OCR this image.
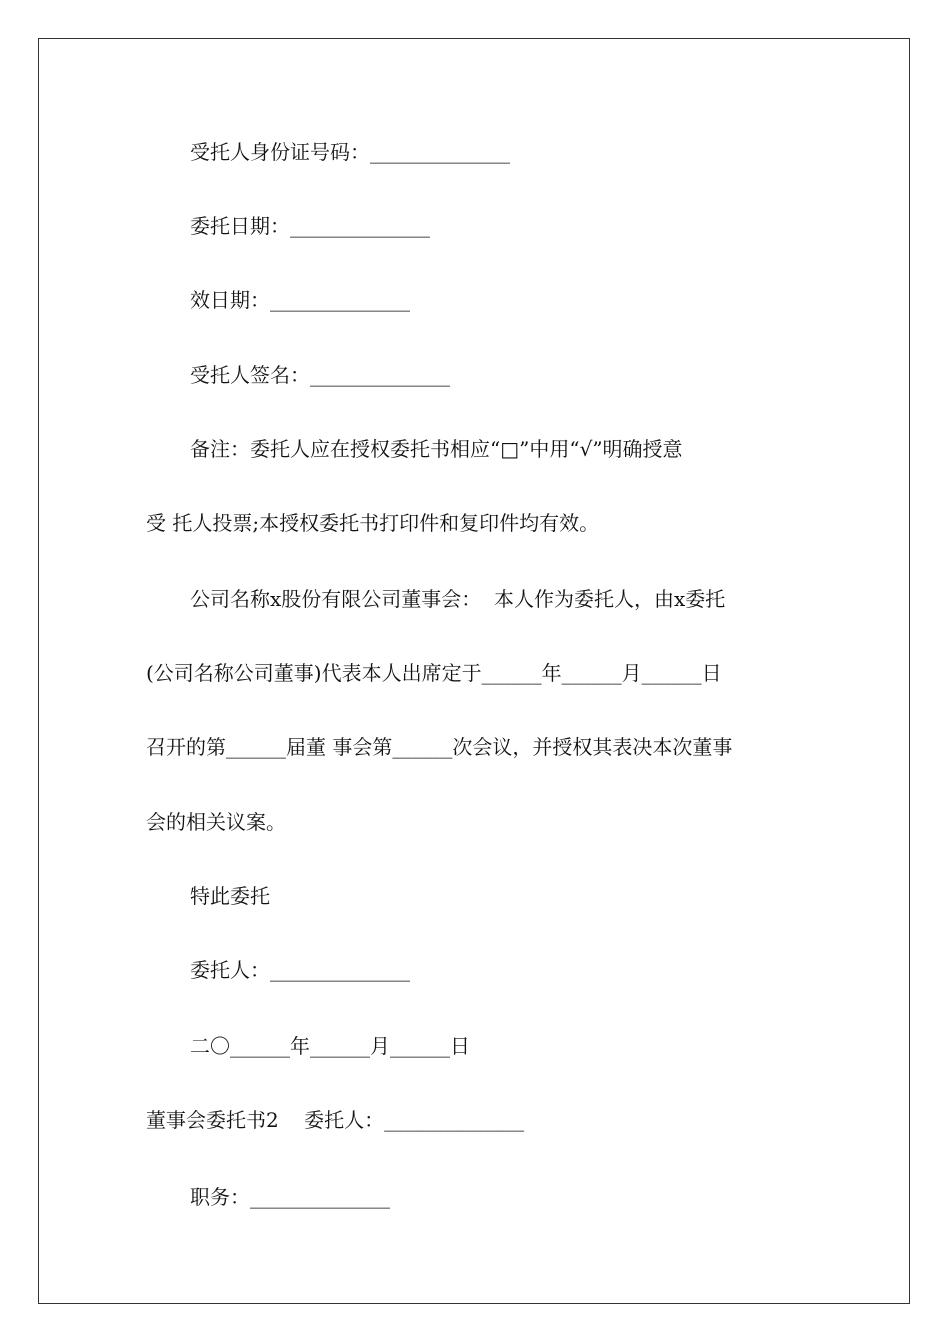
受托人身份证号码：______________
委托日期：______________
效日期：______________
受托人签名：______________
备注：委托人应在授权委托书相应“□”中用“√”明确授意
受 托人投票;本授权委托书打印件和复印件均有效。
公司名称x股份有限公司董事会：  本人作为委托人，由x委托
(公司名称公司董事)代表本人出席定于______年______月______日
召开的第______届董 事会第______次会议，并授权其表决本次董事
会的相关议案。
特此委托
委托人：______________
二〇______年______月______日
董事会委托书2    委托人：______________
职务：______________
